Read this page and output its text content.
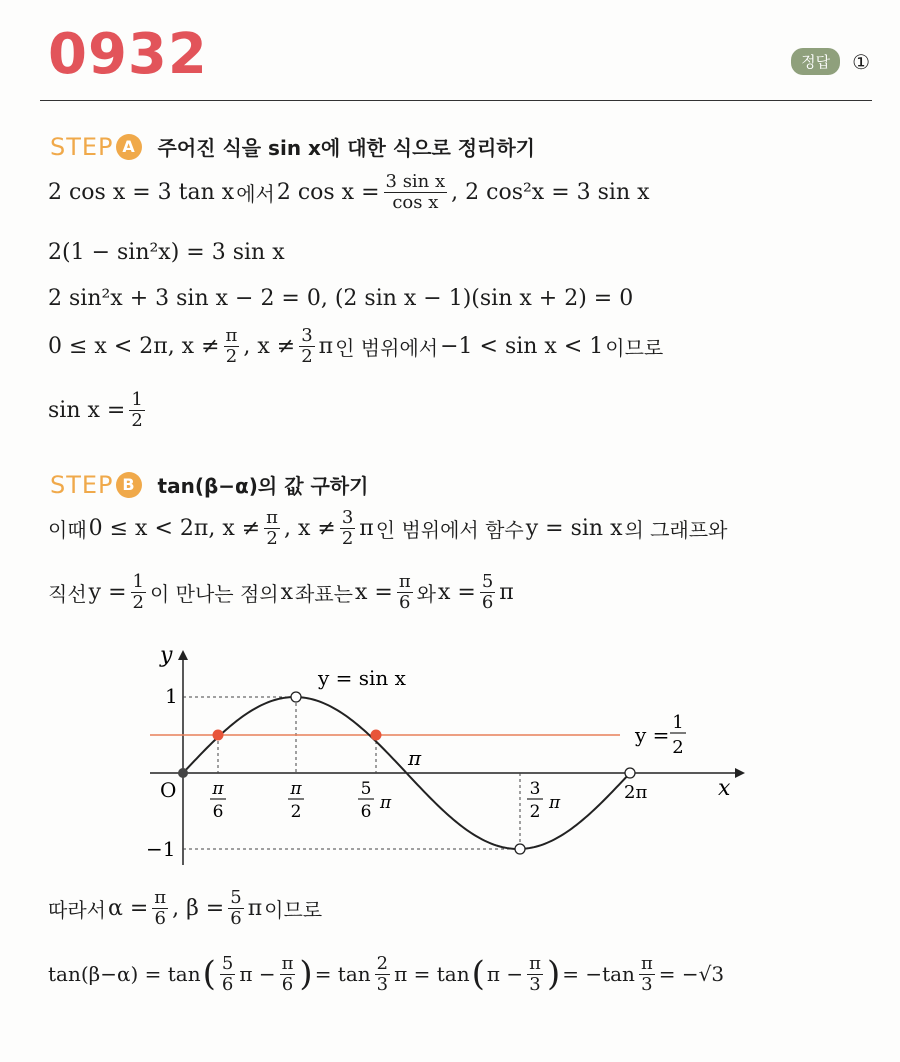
0932	정답	①
STEP A	주어진 식을 sin x에 대한 식으로 정리하기
2 cos x = 3 tan x 에서 2 $\cos x = \frac{\text{3 sin x}}{\text{cos x}}$ , 2 cos²x = 3 sin x
2(1 − sin²x) = 3 sin x
2 sin²x + 3 sin x − 2 = 0, (2 sin x − 1)(sin x + 2) = 0
0 ≤ x < 2π, $x \ne \frac{\pi}{2}$ , $x \ne \frac{3}{2}$ π 인 범위에서 −1 < sin x < 1 이므로
$\sin x = \frac{1}{2}$
STEP B	tan(β−α)의 값 구하기
이때 0 ≤ x < 2π, $x \ne \frac{\pi}{2}$ , $x \ne \frac{3}{2}$ π 인 범위에서 함수 y = sin x 의 그래프와
직선 $y = \frac{1}{2}$ 이 만나는 점의 x 좌표는 $x = \frac{\pi}{6}$ 와 $x = \frac{5}{6}$ π
y
x
O
y = sin x
1
−1
π
2π
y =
1
2
π
6
π
2
5
6 π
3
2 π
따라서 $\alpha = \frac{\pi}{6}$ , $\beta = \frac{5}{6}$ π 이므로
tan(β−α) = tan ( $\frac{5}{6}$ $\pi - \frac{\pi}{6}$ ) = $\tan \frac{2}{3}$ π = tan ( $\pi - \frac{\pi}{3}$ ) = $-\tan \frac{\pi}{3} = -√3$
